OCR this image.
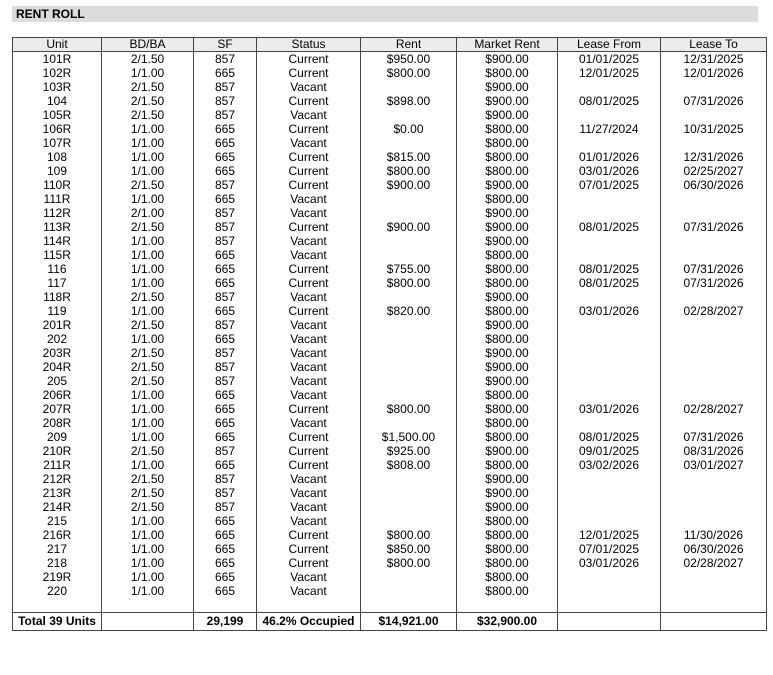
RENT ROLL
Unit	BD/BA	SF	Status	Rent	Market Rent	Lease From	Lease To
101R	2/1.50	857	Current	$950.00	$900.00	01/01/2025	12/31/2025
102R	1/1.00	665	Current	$800.00	$800.00	12/01/2025	12/01/2026
103R	2/1.50	857	Vacant		$900.00		
104	2/1.50	857	Current	$898.00	$900.00	08/01/2025	07/31/2026
105R	2/1.50	857	Vacant		$900.00		
106R	1/1.00	665	Current	$0.00	$800.00	11/27/2024	10/31/2025
107R	1/1.00	665	Vacant		$800.00		
108	1/1.00	665	Current	$815.00	$800.00	01/01/2026	12/31/2026
109	1/1.00	665	Current	$800.00	$800.00	03/01/2026	02/25/2027
110R	2/1.50	857	Current	$900.00	$900.00	07/01/2025	06/30/2026
111R	1/1.00	665	Vacant		$800.00		
112R	2/1.00	857	Vacant		$900.00		
113R	2/1.50	857	Current	$900.00	$900.00	08/01/2025	07/31/2026
114R	1/1.00	857	Vacant		$900.00		
115R	1/1.00	665	Vacant		$800.00		
116	1/1.00	665	Current	$755.00	$800.00	08/01/2025	07/31/2026
117	1/1.00	665	Current	$800.00	$800.00	08/01/2025	07/31/2026
118R	2/1.50	857	Vacant		$900.00		
119	1/1.00	665	Current	$820.00	$800.00	03/01/2026	02/28/2027
201R	2/1.50	857	Vacant		$900.00		
202	1/1.00	665	Vacant		$800.00		
203R	2/1.50	857	Vacant		$900.00		
204R	2/1.50	857	Vacant		$900.00		
205	2/1.50	857	Vacant		$900.00		
206R	1/1.00	665	Vacant		$800.00		
207R	1/1.00	665	Current	$800.00	$800.00	03/01/2026	02/28/2027
208R	1/1.00	665	Vacant		$800.00		
209	1/1.00	665	Current	$1,500.00	$800.00	08/01/2025	07/31/2026
210R	2/1.50	857	Current	$925.00	$900.00	09/01/2025	08/31/2026
211R	1/1.00	665	Current	$808.00	$800.00	03/02/2026	03/01/2027
212R	2/1.50	857	Vacant		$900.00		
213R	2/1.50	857	Vacant		$900.00		
214R	2/1.50	857	Vacant		$900.00		
215	1/1.00	665	Vacant		$800.00		
216R	1/1.00	665	Current	$800.00	$800.00	12/01/2025	11/30/2026
217	1/1.00	665	Current	$850.00	$800.00	07/01/2025	06/30/2026
218	1/1.00	665	Current	$800.00	$800.00	03/01/2026	02/28/2027
219R	1/1.00	665	Vacant		$800.00		
220	1/1.00	665	Vacant		$800.00		

Total 39 Units		29,199	46.2% Occupied	$14,921.00	$32,900.00		
